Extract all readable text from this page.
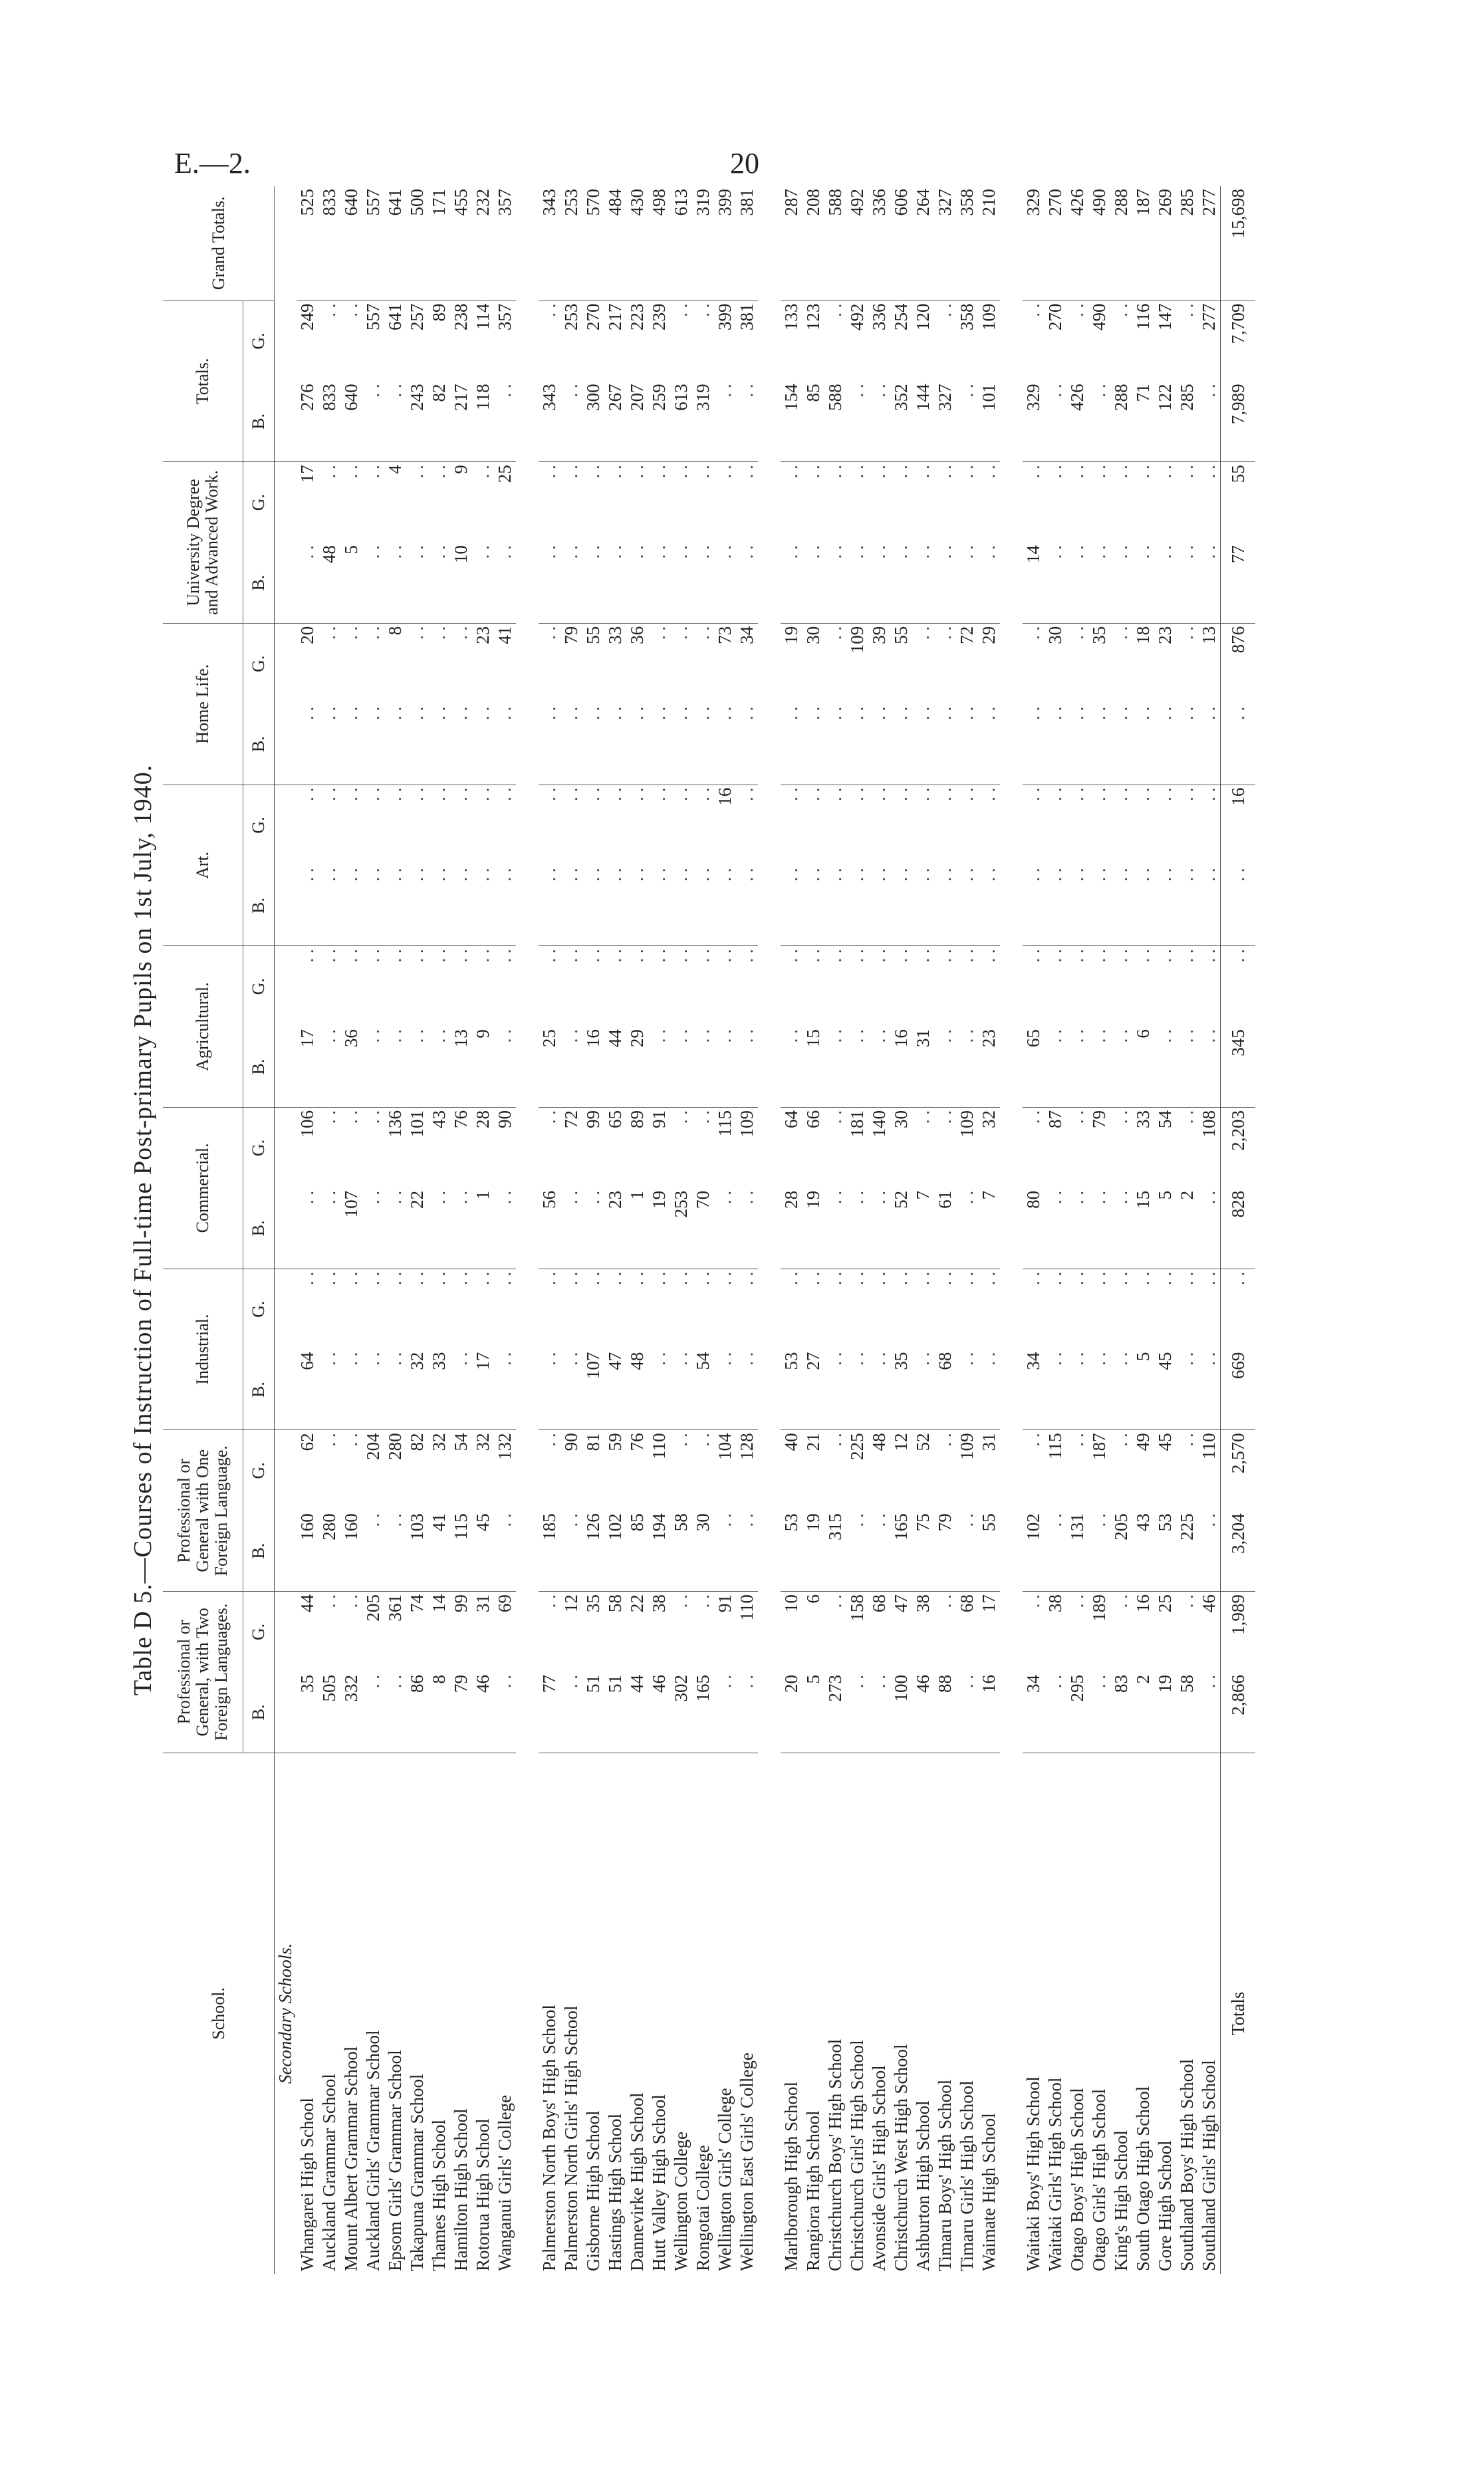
E.—2.	20
Table D 5.—Courses of Instruction of Full-time Post-primary Pupils on 1st July, 1940.
School.	Professional or General, with Two Foreign Languages.		Professional or General with One Foreign Language.		Industrial.		Commercial.		Agricultural.		Art.		Home Life.		University Degree and Advanced Work.		Totals.		Grand Totals.
	B.	G.	B.	G.	B.	G.	B.	G.	B.	G.	B.	G.	B.	G.	B.	G.	B.	G.	
Secondary Schools.																			
Whangarei High School	35	44	160	62	64	. .	. .	106	17	. .	. .	. .	. .	20	. .	17	276	249	525
Auckland Grammar School	505	. .	280	. .	. .	. .	. .	. .	. .	. .	. .	. .	. .	. .	48	. .	833	. .	833
Mount Albert Grammar School	332	. .	160	. .	. .	. .	107	. .	36	. .	. .	. .	. .	. .	5	. .	640	. .	640
Auckland Girls' Grammar School	. .	205	. .	204	. .	. .	. .	. .	. .	. .	. .	. .	. .	. .	. .	. .	. .	557	557
Epsom Girls' Grammar School	. .	361	. .	280	. .	. .	. .	136	. .	. .	. .	. .	. .	8	. .	4	. .	641	641
Takapuna Grammar School	86	74	103	82	32	. .	22	101	. .	. .	. .	. .	. .	. .	. .	. .	243	257	500
Thames High School	8	14	41	32	33	. .	. .	43	. .	. .	. .	. .	. .	. .	. .	. .	82	89	171
Hamilton High School	79	99	115	54	. .	. .	. .	76	13	. .	. .	. .	. .	. .	10	9	217	238	455
Rotorua High School	46	31	45	32	17	. .	1	28	9	. .	. .	. .	. .	23	. .	. .	118	114	232
Wanganui Girls' College	. .	69	. .	132	. .	. .	. .	90	. .	. .	. .	. .	. .	41	. .	25	. .	357	357

Palmerston North Boys' High School	77	. .	185	. .	. .	. .	56	. .	25	. .	. .	. .	. .	. .	. .	. .	343	. .	343
Palmerston North Girls' High School	. .	12	. .	90	. .	. .	. .	72	. .	. .	. .	. .	. .	79	. .	. .	. .	253	253
Gisborne High School	51	35	126	81	107	. .	. .	99	16	. .	. .	. .	. .	55	. .	. .	300	270	570
Hastings High School	51	58	102	59	47	. .	23	65	44	. .	. .	. .	. .	33	. .	. .	267	217	484
Dannevirke High School	44	22	85	76	48	. .	1	89	29	. .	. .	. .	. .	36	. .	. .	207	223	430
Hutt Valley High School	46	38	194	110	. .	. .	19	91	. .	. .	. .	. .	. .	. .	. .	. .	259	239	498
Wellington College	302	. .	58	. .	. .	. .	253	. .	. .	. .	. .	. .	. .	. .	. .	. .	613	. .	613
Rongotai College	165	. .	30	. .	54	. .	70	. .	. .	. .	. .	. .	. .	. .	. .	. .	319	. .	319
Wellington Girls' College	. .	91	. .	104	. .	. .	. .	115	. .	. .	. .	16	. .	73	. .	. .	. .	399	399
Wellington East Girls' College	. .	110	. .	128	. .	. .	. .	109	. .	. .	. .	. .	. .	34	. .	. .	. .	381	381

Marlborough High School	20	10	53	40	53	. .	28	64	. .	. .	. .	. .	. .	19	. .	. .	154	133	287
Rangiora High School	5	6	19	21	27	. .	19	66	15	. .	. .	. .	. .	30	. .	. .	85	123	208
Christchurch Boys' High School	273	. .	315	. .	. .	. .	. .	. .	. .	. .	. .	. .	. .	. .	. .	. .	588	. .	588
Christchurch Girls' High School	. .	158	. .	225	. .	. .	. .	181	. .	. .	. .	. .	. .	109	. .	. .	. .	492	492
Avonside Girls' High School	. .	68	. .	48	. .	. .	. .	140	. .	. .	. .	. .	. .	39	. .	. .	. .	336	336
Christchurch West High School	100	47	165	12	35	. .	52	30	16	. .	. .	. .	. .	55	. .	. .	352	254	606
Ashburton High School	46	38	75	52	. .	. .	7	. .	31	. .	. .	. .	. .	. .	. .	. .	144	120	264
Timaru Boys' High School	88	. .	79	. .	68	. .	61	. .	. .	. .	. .	. .	. .	. .	. .	. .	327	. .	327
Timaru Girls' High School	. .	68	. .	109	. .	. .	. .	109	. .	. .	. .	. .	. .	72	. .	. .	. .	358	358
Waimate High School	16	17	55	31	. .	. .	7	32	23	. .	. .	. .	. .	29	. .	. .	101	109	210

Waitaki Boys' High School	34	. .	102	. .	34	. .	80	. .	65	. .	. .	. .	. .	. .	14	. .	329	. .	329
Waitaki Girls' High School	. .	38	. .	115	. .	. .	. .	87	. .	. .	. .	. .	. .	30	. .	. .	. .	270	270
Otago Boys' High School	295	. .	131	. .	. .	. .	. .	. .	. .	. .	. .	. .	. .	. .	. .	. .	426	. .	426
Otago Girls' High School	. .	189	. .	187	. .	. .	. .	79	. .	. .	. .	. .	. .	35	. .	. .	. .	490	490
King's High School	83	. .	205	. .	. .	. .	. .	. .	. .	. .	. .	. .	. .	. .	. .	. .	288	. .	288
South Otago High School	2	16	43	49	5	. .	15	33	6	. .	. .	. .	. .	18	. .	. .	71	116	187
Gore High School	19	25	53	45	45	. .	5	54	. .	. .	. .	. .	. .	23	. .	. .	122	147	269
Southland Boys' High School	58	. .	225	. .	. .	. .	2	. .	. .	. .	. .	. .	. .	. .	. .	. .	285	. .	285
Southland Girls' High School	. .	46	. .	110	. .	. .	. .	108	. .	. .	. .	. .	. .	13	. .	. .	. .	277	277
Totals	2,866	1,989	3,204	2,570	669	. .	828	2,203	345	. .	. .	16	. .	876	77	55	7,989	7,709	15,698
